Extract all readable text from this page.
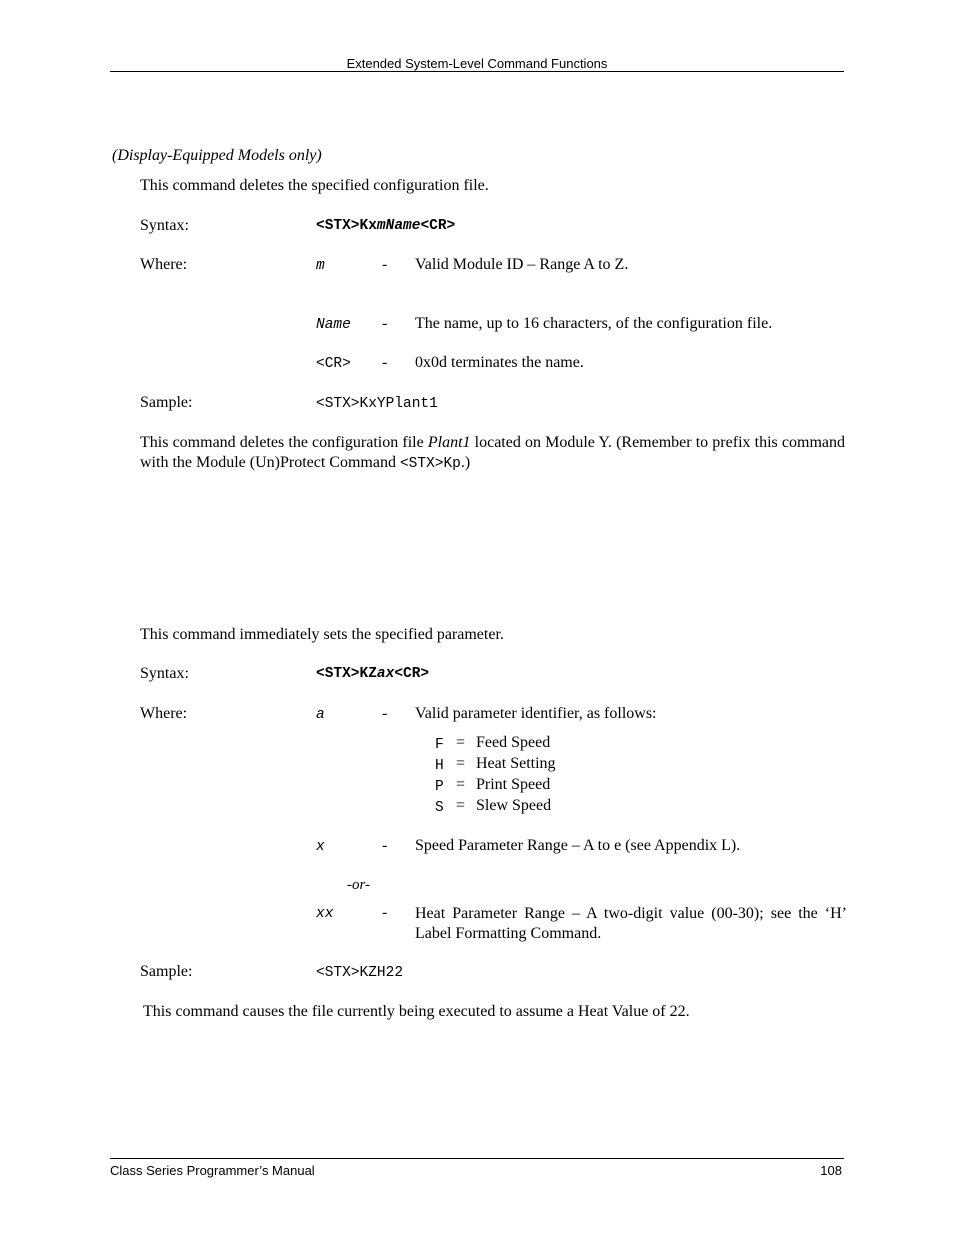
Extended System-Level Command Functions
(Display-Equipped Models only)
This command deletes the specified configuration file.
Syntax:	<STX>KxmName<CR>
Where:	m	- Valid Module ID – Range A to Z.
Name - The name, up to 16 characters, of the configuration file.
<CR> - 0x0d terminates the name.
Sample:	<STX>KxYPlant1
This command deletes the configuration file Plant1 located on Module Y. (Remember to prefix this command with the Module (Un)Protect Command <STX>Kp.)
This command immediately sets the specified parameter.
Syntax:	<STX>KZax<CR>
Where:	a	- Valid parameter identifier, as follows:
F = Feed Speed
H = Heat Setting
P = Print Speed
S = Slew Speed
x	- Speed Parameter Range – A to e (see Appendix L).
-or-
xx	- Heat Parameter Range – A two-digit value (00-30); see the ‘H’ Label Formatting Command.
Sample:	<STX>KZH22
This command causes the file currently being executed to assume a Heat Value of 22.
Class Series Programmer’s Manual	108
